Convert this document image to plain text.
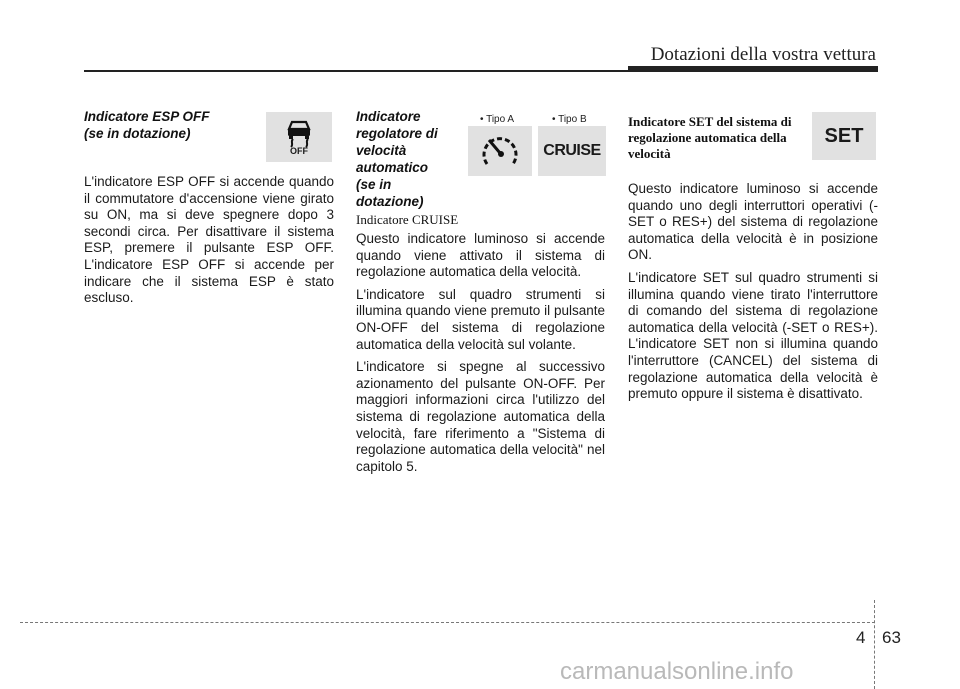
Dotazioni della vostra vettura
Indicatore ESP OFF
(se in dotazione)

L'indicatore ESP OFF si accende quando il commutatore d'accensione viene girato su ON, ma si deve spegnere dopo 3 secondi circa. Per disattivare il sistema ESP, premere il pulsante ESP OFF. L'indicatore ESP OFF si accende per indicare che il sistema ESP è stato escluso.

OFF
Indicatore
regolatore di
velocità
automatico
(se in
dotazione)
Indicatore CRUISE

Questo indicatore luminoso si accende quando viene attivato il sistema di regolazione automatica della velocità.

L'indicatore sul quadro strumenti si illumina quando viene premuto il pulsante ON-OFF del sistema di regolazione automatica della velocità sul volante.

L'indicatore si spegne al successivo azionamento del pulsante ON-OFF. Per maggiori informazioni circa l'utilizzo del sistema di regolazione automatica della velocità, fare riferimento a "Sistema di regolazione automatica della velocità" nel capitolo 5.

• Tipo A	• Tipo B
CRUISE
Indicatore SET del sistema di
regolazione automatica della
velocità

Questo indicatore luminoso si accende quando uno degli interruttori operativi (-SET o RES+) del sistema di regolazione automatica della velocità è in posizione ON.

L'indicatore SET sul quadro strumenti si illumina quando viene tirato l'interruttore di comando del sistema di regolazione automatica della velocità (-SET o RES+). L'indicatore SET non si illumina quando l'interruttore (CANCEL) del sistema di regolazione automatica della velocità è premuto oppure il sistema è disattivato.

SET
4 63
carmanualsonline.info
